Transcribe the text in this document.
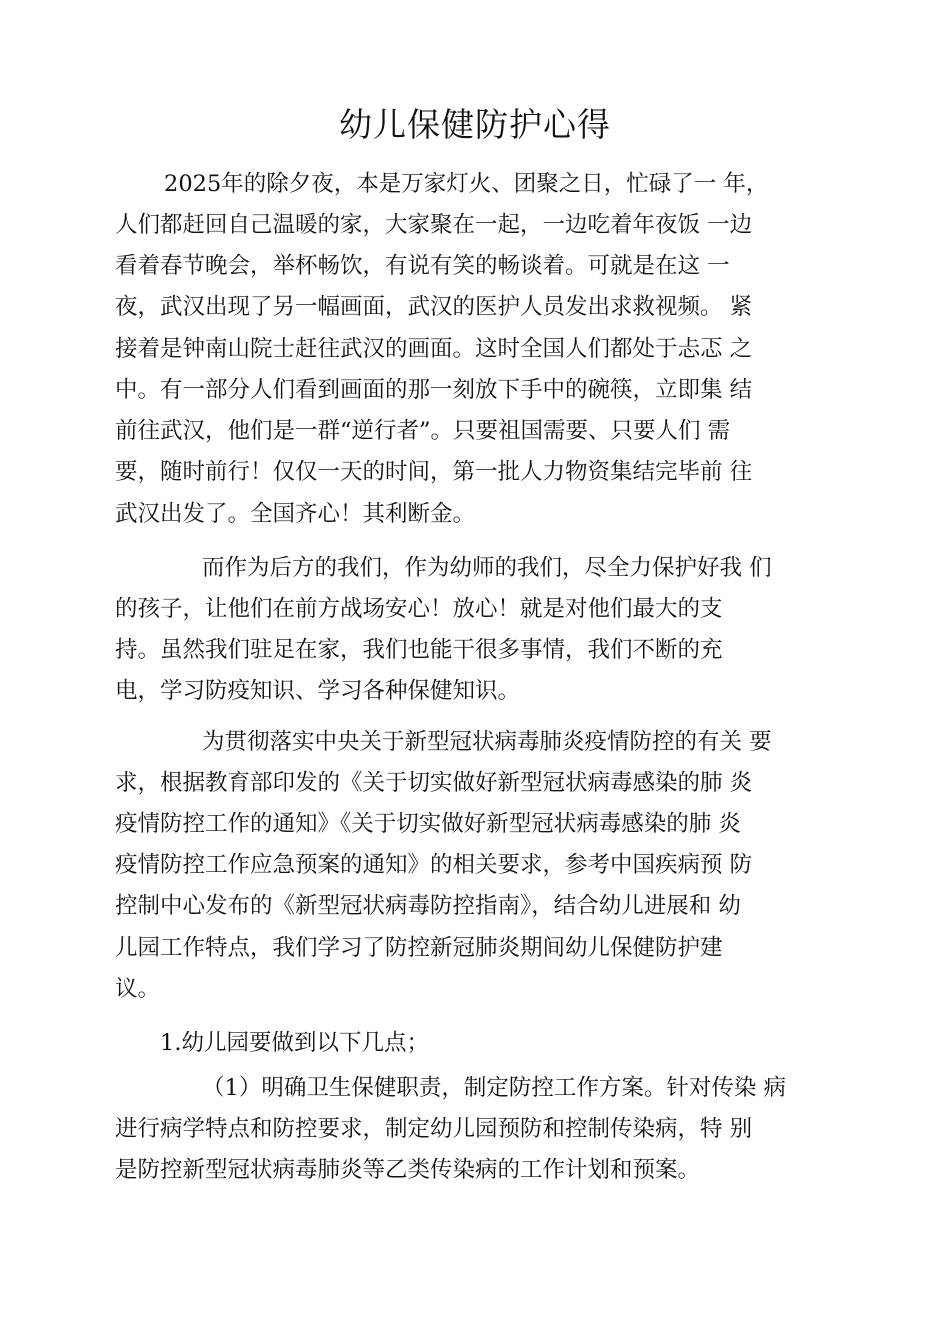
幼儿保健防护心得
2025年的除夕夜，本是万家灯火、团聚之日，忙碌了一 年，
人们都赶回自己温暖的家，大家聚在一起，一边吃着年夜饭 一边
看着春节晚会，举杯畅饮，有说有笑的畅谈着。可就是在这 一
夜，武汉出现了另一幅画面，武汉的医护人员发出求救视频。 紧
接着是钟南山院士赶往武汉的画面。这时全国人们都处于忐忑 之
中。有一部分人们看到画面的那一刻放下手中的碗筷，立即集 结
前往武汉，他们是一群“逆行者”。只要祖国需要、只要人们 需
要，随时前行！仅仅一天的时间，第一批人力物资集结完毕前 往
武汉出发了。全国齐心！其利断金。
而作为后方的我们，作为幼师的我们，尽全力保护好我 们
的孩子，让他们在前方战场安心！放心！就是对他们最大的支
持。虽然我们驻足在家，我们也能干很多事情，我们不断的充
电，学习防疫知识、学习各种保健知识。
为贯彻落实中央关于新型冠状病毒肺炎疫情防控的有关 要
求，根据教育部印发的《关于切实做好新型冠状病毒感染的肺 炎
疫情防控工作的通知》《关于切实做好新型冠状病毒感染的肺 炎
疫情防控工作应急预案的通知》的相关要求，参考中国疾病预 防
控制中心发布的《新型冠状病毒防控指南》，结合幼儿进展和 幼
儿园工作特点，我们学习了防控新冠肺炎期间幼儿保健防护建
议。
1.幼儿园要做到以下几点；
（1）明确卫生保健职责，制定防控工作方案。针对传染 病
进行病学特点和防控要求，制定幼儿园预防和控制传染病，特 别
是防控新型冠状病毒肺炎等乙类传染病的工作计划和预案。
